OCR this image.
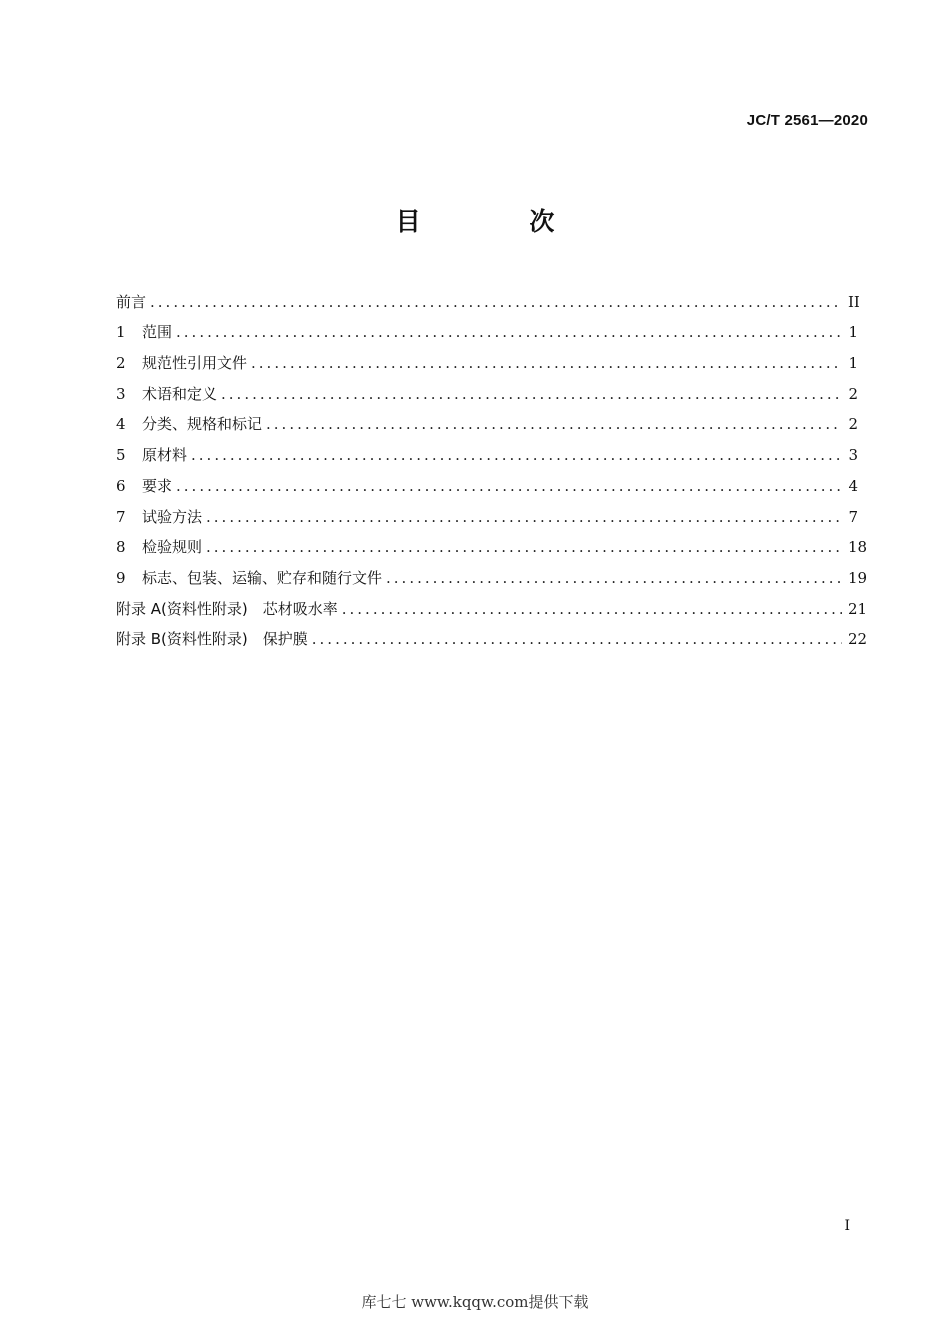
JC/T 2561—2020
目 次
前言 .....	II
1	范围 .....	1
2	规范性引用文件 .....	1
3	术语和定义 .....	2
4	分类、规格和标记 .....	2
5	原材料 .....	3
6	要求 .....	4
7	试验方法 .....	7
8	检验规则 .....	18
9	标志、包装、运输、贮存和随行文件 .....	19
附录 A(资料性附录)　芯材吸水率 .....	21
附录 B(资料性附录)　保护膜 .....	22
I
库七七 www.kqqw.com提供下载
